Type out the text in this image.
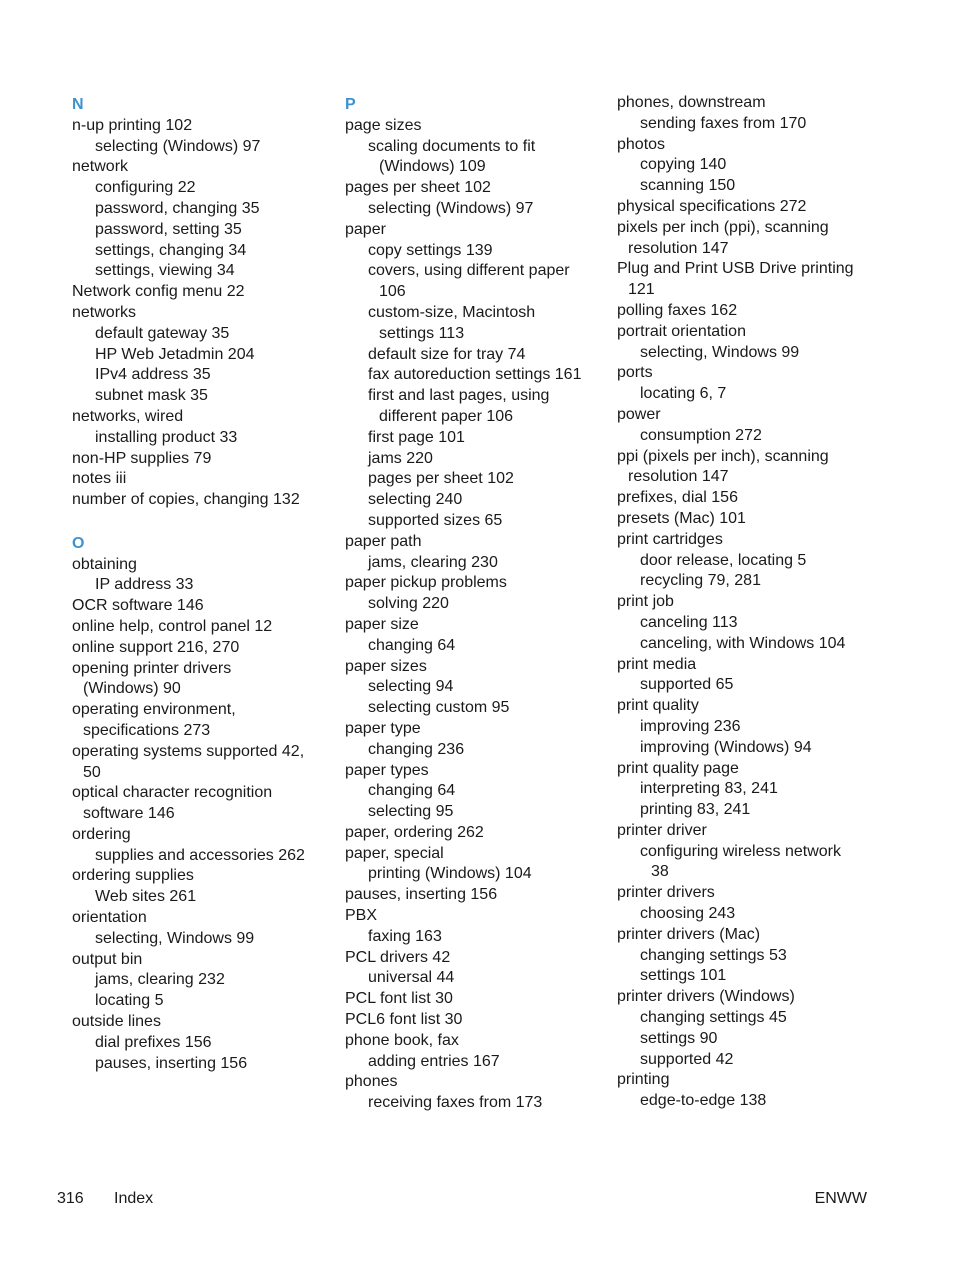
N
n-up printing 102
selecting (Windows) 97
network
configuring 22
password, changing 35
password, setting 35
settings, changing 34
settings, viewing 34
Network config menu 22
networks
default gateway 35
HP Web Jetadmin 204
IPv4 address 35
subnet mask 35
networks, wired
installing product 33
non-HP supplies 79
notes iii
number of copies, changing 132
O
obtaining
IP address 33
OCR software 146
online help, control panel 12
online support 216, 270
opening printer drivers
(Windows) 90
operating environment,
specifications 273
operating systems supported 42,
50
optical character recognition
software 146
ordering
supplies and accessories 262
ordering supplies
Web sites 261
orientation
selecting, Windows 99
output bin
jams, clearing 232
locating 5
outside lines
dial prefixes 156
pauses, inserting 156
P
page sizes
scaling documents to fit
(Windows) 109
pages per sheet 102
selecting (Windows) 97
paper
copy settings 139
covers, using different paper
106
custom-size, Macintosh
settings 113
default size for tray 74
fax autoreduction settings 161
first and last pages, using
different paper 106
first page 101
jams 220
pages per sheet 102
selecting 240
supported sizes 65
paper path
jams, clearing 230
paper pickup problems
solving 220
paper size
changing 64
paper sizes
selecting 94
selecting custom 95
paper type
changing 236
paper types
changing 64
selecting 95
paper, ordering 262
paper, special
printing (Windows) 104
pauses, inserting 156
PBX
faxing 163
PCL drivers 42
universal 44
PCL font list 30
PCL6 font list 30
phone book, fax
adding entries 167
phones
receiving faxes from 173
phones, downstream
sending faxes from 170
photos
copying 140
scanning 150
physical specifications 272
pixels per inch (ppi), scanning
resolution 147
Plug and Print USB Drive printing
121
polling faxes 162
portrait orientation
selecting, Windows 99
ports
locating 6, 7
power
consumption 272
ppi (pixels per inch), scanning
resolution 147
prefixes, dial 156
presets (Mac) 101
print cartridges
door release, locating 5
recycling 79, 281
print job
canceling 113
canceling, with Windows 104
print media
supported 65
print quality
improving 236
improving (Windows) 94
print quality page
interpreting 83, 241
printing 83, 241
printer driver
configuring wireless network
38
printer drivers
choosing 243
printer drivers (Mac)
changing settings 53
settings 101
printer drivers (Windows)
changing settings 45
settings 90
supported 42
printing
edge-to-edge 138
316 Index	ENWW
